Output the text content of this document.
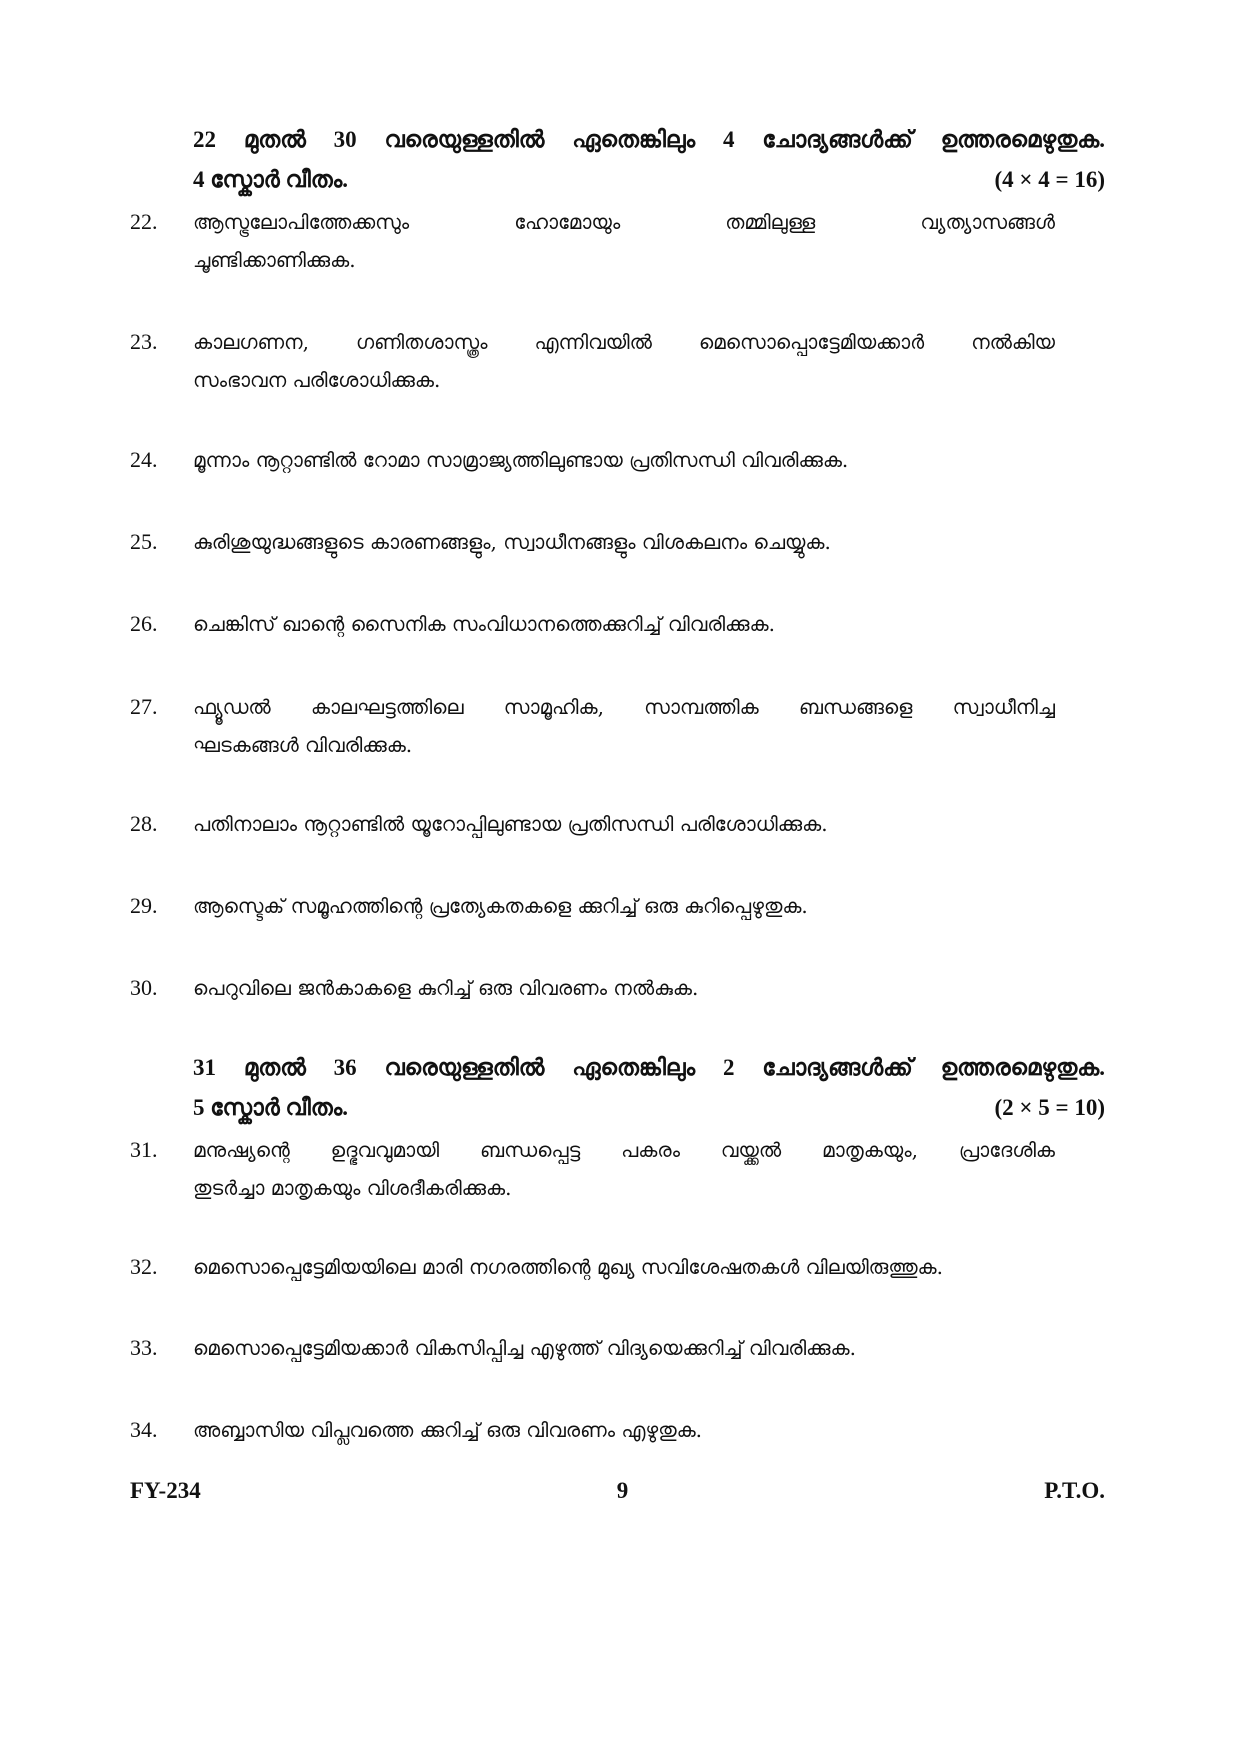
22 മുതൽ 30 വരെയുള്ളതിൽ ഏതെങ്കിലും 4 ചോദ്യങ്ങൾക്ക് ഉത്തരമെഴുതുക.
4 സ്കോർ വീതം.	(4 × 4 = 16)
22.	ആസ്ട്രലോപിത്തേക്കസും ഹോമോയും തമ്മിലുള്ള വ്യത്യാസങ്ങൾ
ചൂണ്ടിക്കാണിക്കുക.
23.	കാലഗണന, ഗണിതശാസ്ത്രം എന്നിവയിൽ മെസൊപ്പൊട്ടേമിയക്കാർ നൽകിയ
സംഭാവന പരിശോധിക്കുക.
24.	മൂന്നാം നൂറ്റാണ്ടിൽ റോമാ സാമ്രാജ്യത്തിലുണ്ടായ പ്രതിസന്ധി വിവരിക്കുക.
25.	കുരിശുയുദ്ധങ്ങളുടെ കാരണങ്ങളും, സ്വാധീനങ്ങളും വിശകലനം ചെയ്യുക.
26.	ചെങ്കിസ് ഖാന്റെ സൈനിക സംവിധാനത്തെക്കുറിച്ച് വിവരിക്കുക.
27.	ഫ്യൂഡൽ കാലഘട്ടത്തിലെ സാമൂഹിക, സാമ്പത്തിക ബന്ധങ്ങളെ സ്വാധീനിച്ച
ഘടകങ്ങൾ വിവരിക്കുക.
28.	പതിനാലാം നൂറ്റാണ്ടിൽ യൂറോപ്പിലുണ്ടായ പ്രതിസന്ധി പരിശോധിക്കുക.
29.	ആസ്ടെക് സമൂഹത്തിന്റെ പ്രത്യേകതകളെ ക്കുറിച്ച് ഒരു കുറിപ്പെഴുതുക.
30.	പെറുവിലെ ജൻകാകളെ കുറിച്ച് ഒരു വിവരണം നൽകുക.
31 മുതൽ 36 വരെയുള്ളതിൽ ഏതെങ്കിലും 2 ചോദ്യങ്ങൾക്ക് ഉത്തരമെഴുതുക.
5 സ്കോർ വീതം.	(2 × 5 = 10)
31.	മനുഷ്യന്റെ ഉദ്ഭവവുമായി ബന്ധപ്പെട്ട പകരം വയ്ക്കൽ മാതൃകയും, പ്രാദേശിക
തുടർച്ചാ മാതൃകയും വിശദീകരിക്കുക.
32.	മെസൊപ്പെട്ടേമിയയിലെ മാരി നഗരത്തിന്റെ മുഖ്യ സവിശേഷതകൾ വിലയിരുത്തുക.
33.	മെസൊപ്പെട്ടേമിയക്കാർ വികസിപ്പിച്ച എഴുത്ത് വിദ്യയെക്കുറിച്ച് വിവരിക്കുക.
34.	അബ്ബാസിയ വിപ്ലവത്തെ ക്കുറിച്ച് ഒരു വിവരണം എഴുതുക.
FY-234	9	P.T.O.
